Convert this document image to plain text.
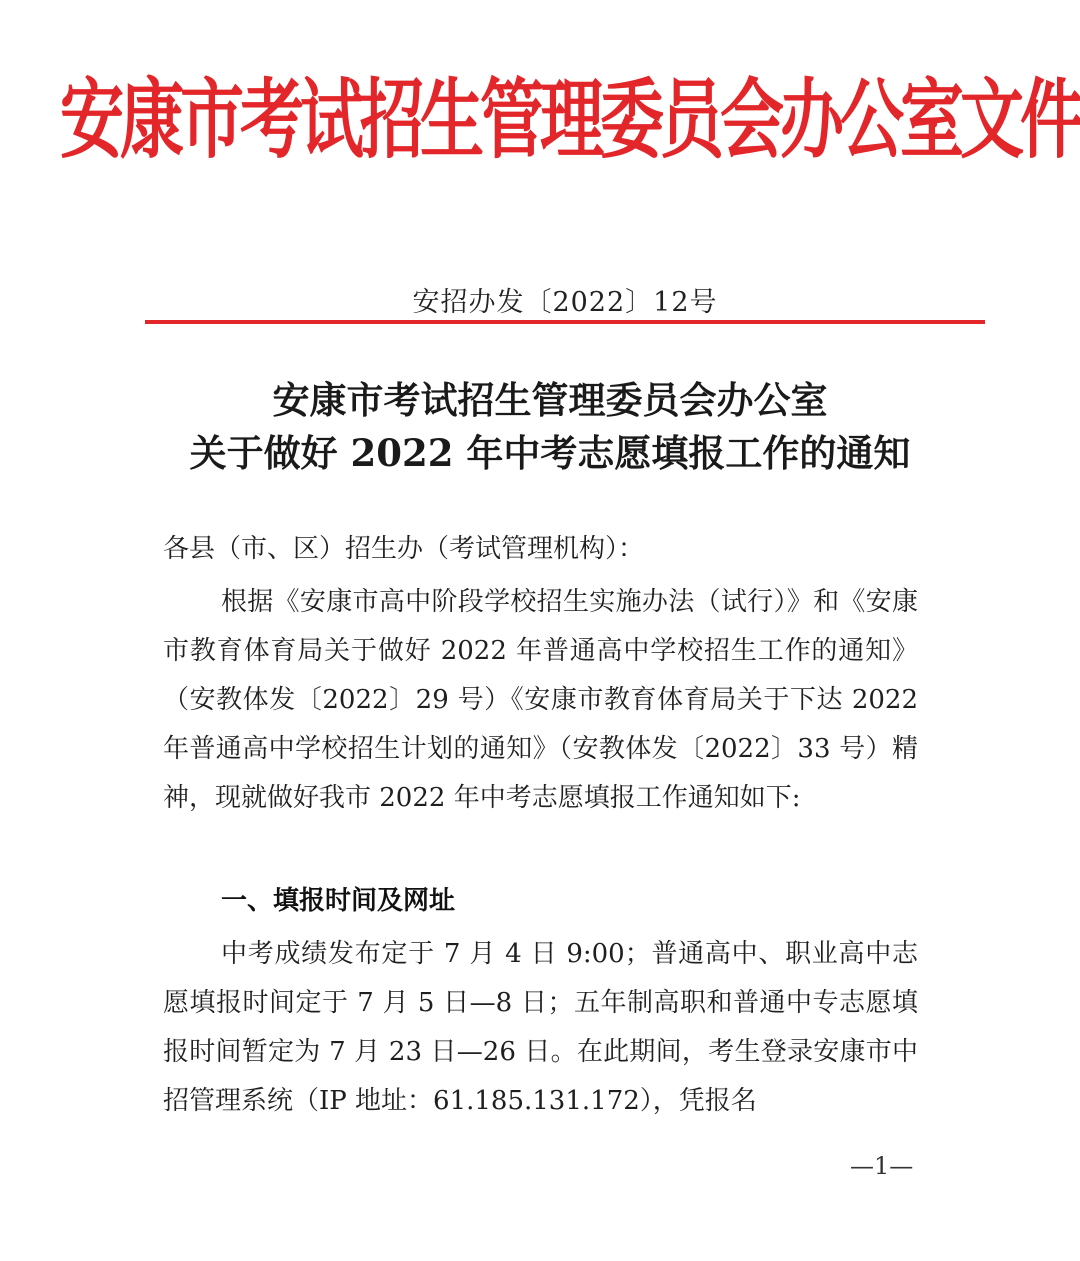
安康市考试招生管理委员会办公室文件
安招办发〔2022〕12号
安康市考试招生管理委员会办公室
关于做好 2022 年中考志愿填报工作的通知

各县（市、区）招生办（考试管理机构）：

根据《安康市高中阶段学校招生实施办法（试行）》和《安康市教育体育局关于做好 2022 年普通高中学校招生工作的通知》（安教体发〔2022〕29 号）《安康市教育体育局关于下达 2022 年普通高中学校招生计划的通知》（安教体发〔2022〕33 号）精神，现就做好我市 2022 年中考志愿填报工作通知如下:

一、填报时间及网址

中考成绩发布定于 7 月 4 日 9:00；普通高中、职业高中志愿填报时间定于 7 月 5 日—8 日；五年制高职和普通中专志愿填报时间暂定为 7 月 23 日—26 日。在此期间，考生登录安康市中招管理系统（IP 地址：61.185.131.172），凭报名

—1—
